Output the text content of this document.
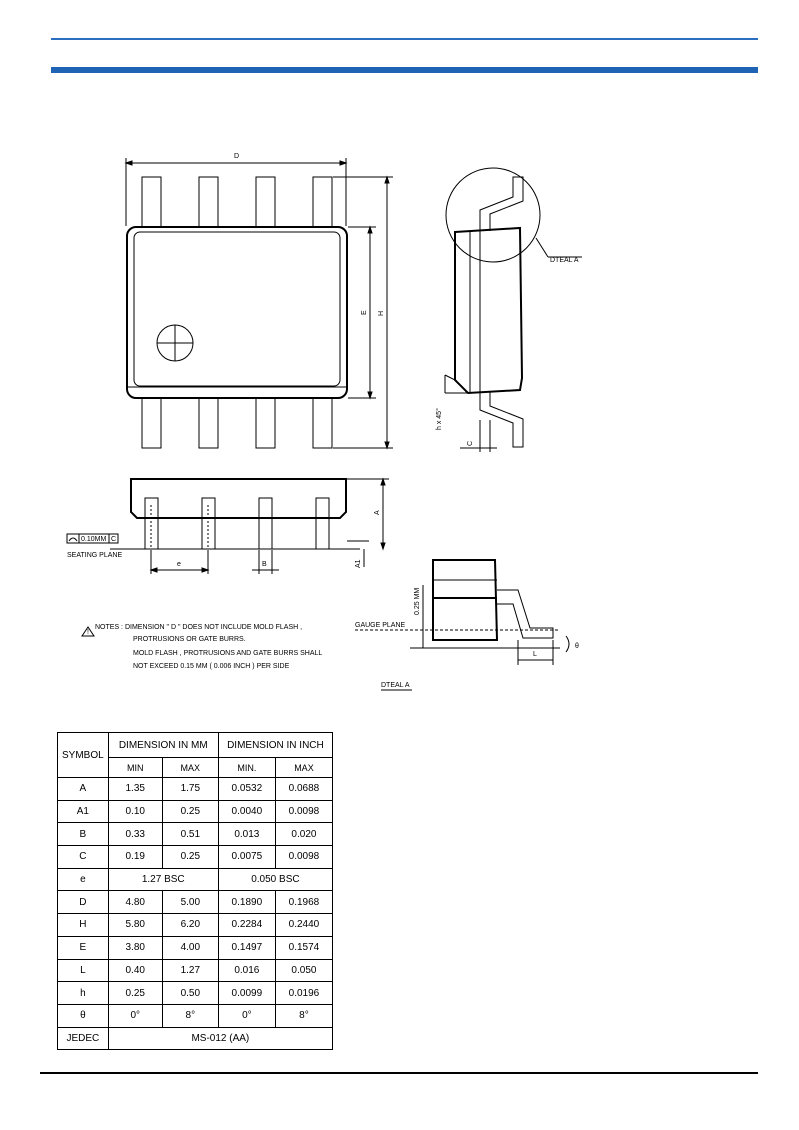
D
E H
DTEAL A
h x 45°
C
0.10MM C
SEATING PLANE
e	B
A
A1
!
NOTES : DIMENSION " D " DOES NOT INCLUDE MOLD FLASH ,
PROTRUSIONS OR GATE BURRS.
MOLD FLASH , PROTRUSIONS AND GATE BURRS SHALL
NOT EXCEED 0.15 MM ( 0.006 INCH ) PER SIDE
GAUGE PLANE
0.25 MM
L
θ
DTEAL A
SYMBOL	DIMENSION IN MM		DIMENSION IN INCH	
	MIN	MAX	MIN.	MAX
A	1.35	1.75	0.0532	0.0688
A1	0.10	0.25	0.0040	0.0098
B	0.33	0.51	0.013	0.020
C	0.19	0.25	0.0075	0.0098
e	1.27 BSC		0.050 BSC	
D	4.80	5.00	0.1890	0.1968
H	5.80	6.20	0.2284	0.2440
E	3.80	4.00	0.1497	0.1574
L	0.40	1.27	0.016	0.050
h	0.25	0.50	0.0099	0.0196
θ	0°	8°	0°	8°
JEDEC	MS-012 (AA)			
